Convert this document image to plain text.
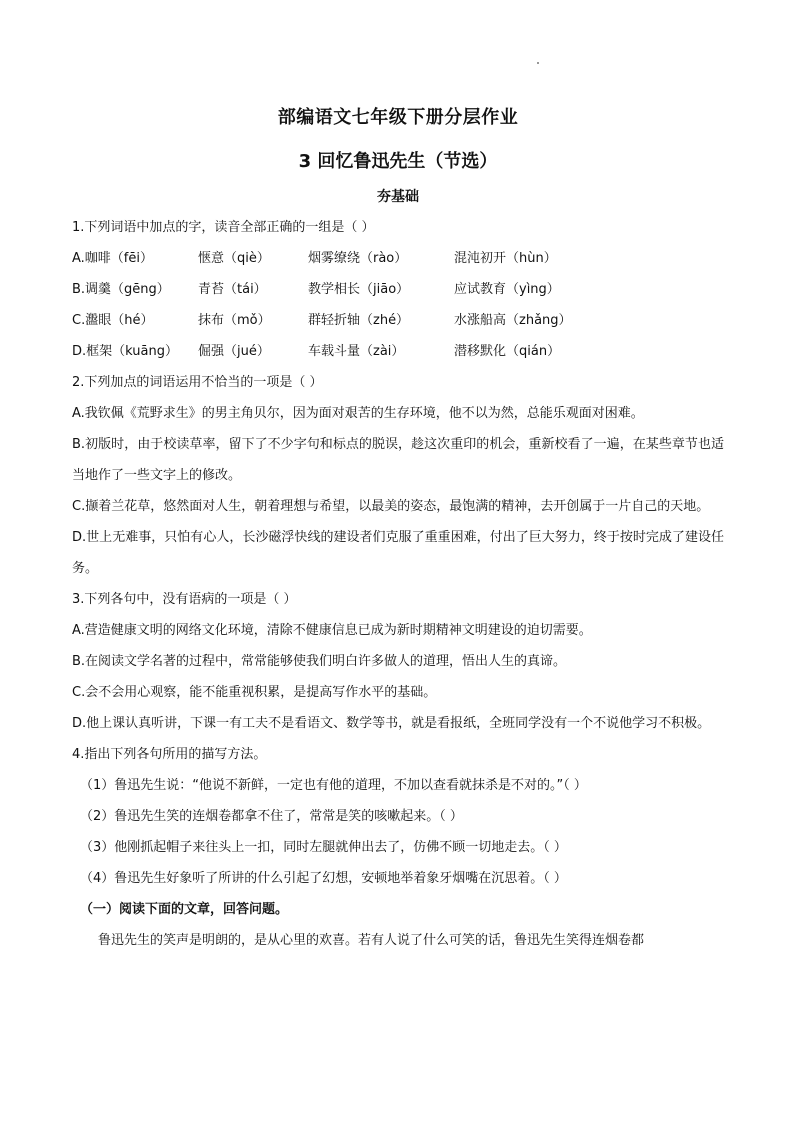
部编语文七年级下册分层作业
3 回忆鲁迅先生（节选）
夯基础
1.下列词语中加点的字，读音全部正确的一组是（ ）
A.咖啡（fēi）	惬意（qiè）	烟雾缭绕（rào）	混沌初开（hùn）
B.调羹（gēng）	青苔（tái）	教学相长（jiāo）	应试教育（yìng）
C.瀊眼（hé）	抹布（mǒ）	群轻折轴（zhé）	水涨船高（zhǎng）
D.框架（kuāng）	倔强（jué）	车载斗量（zài）	潜移默化（qián）
2.下列加点的词语运用不恰当的一项是（ ）
A.我钦佩《荒野求生》的男主角贝尔，因为面对艰苦的生存环境，他不以为然，总能乐观面对困难。
B.初版时，由于校读草率，留下了不少字句和标点的脱误，趁这次重印的机会，重新校看了一遍，在某些章节也适当地作了一些文字上的修改。
C.撷着兰花草，悠然面对人生，朝着理想与希望，以最美的姿态，最饱满的精神，去开创属于一片自己的天地。
D.世上无难事，只怕有心人，长沙磁浮快线的建设者们克服了重重困难，付出了巨大努力，终于按时完成了建设任务。
3.下列各句中，没有语病的一项是（ ）
A.营造健康文明的网络文化环境，清除不健康信息已成为新时期精神文明建设的迫切需要。
B.在阅读文学名著的过程中，常常能够使我们明白许多做人的道理，悟出人生的真谛。
C.会不会用心观察，能不能重视积累，是提高写作水平的基础。
D.他上课认真听讲，下课一有工夫不是看语文、数学等书，就是看报纸，全班同学没有一个不说他学习不积极。
4.指出下列各句所用的描写方法。
（1）鲁迅先生说：“他说不新鲜，一定也有他的道理，不加以查看就抹杀是不对的。”（ ）
（2）鲁迅先生笑的连烟卷都拿不住了，常常是笑的咳嗽起来。（ ）
（3）他刚抓起帽子来往头上一扣，同时左腿就伸出去了，仿佛不顾一切地走去。（ ）
（4）鲁迅先生好象听了所讲的什么引起了幻想，安顿地举着象牙烟嘴在沉思着。（ ）
（一）阅读下面的文章，回答问题。
鲁迅先生的笑声是明朗的，是从心里的欢喜。若有人说了什么可笑的话，鲁迅先生笑得连烟卷都
